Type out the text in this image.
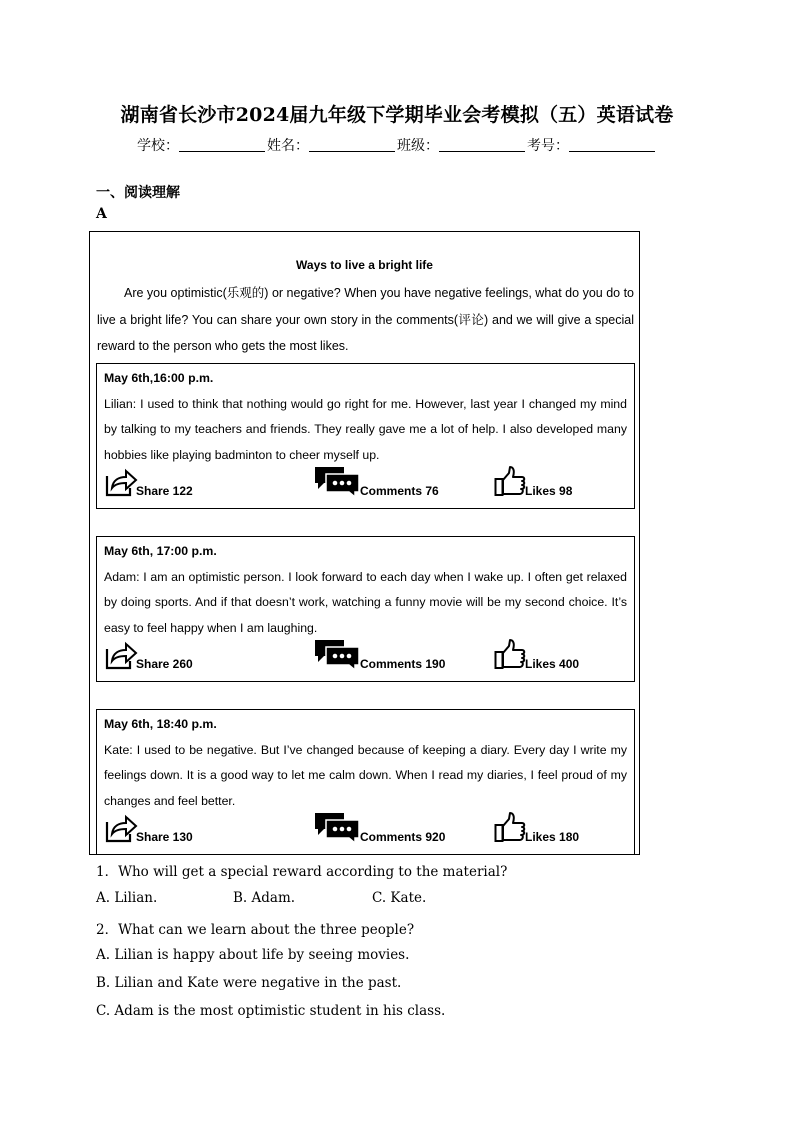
湖南省长沙市2024届九年级下学期毕业会考模拟（五）英语试卷
学校：	姓名：	班级：	考号：
一、阅读理解
A
Ways to live a bright life
Are you optimistic(乐观的) or negative? When you have negative feelings, what do you do to live a bright life? You can share your own story in the comments(评论) and we will give a special reward to the person who gets the most likes.
May 6th,16:00 p.m.
Lilian: I used to think that nothing would go right for me. However, last year I changed my mind by talking to my teachers and friends. They really gave me a lot of help. I also developed many hobbies like playing badminton to cheer myself up.
Share 122	Comments 76	Likes 98
May 6th, 17:00 p.m.
Adam: I am an optimistic person. I look forward to each day when I wake up. I often get relaxed by doing sports. And if that doesn’t work, watching a funny movie will be my second choice. It’s easy to feel happy when I am laughing.
Share 260	Comments 190	Likes 400
May 6th, 18:40 p.m.
Kate: I used to be negative. But I’ve changed because of keeping a diary. Every day I write my feelings down. It is a good way to let me calm down. When I read my diaries, I feel proud of my changes and feel better.
Share 130	Comments 920	Likes 180
1．Who will get a special reward according to the material?
A. Lilian.	B. Adam.	C. Kate.
2．What can we learn about the three people?
A. Lilian is happy about life by seeing movies.
B. Lilian and Kate were negative in the past.
C. Adam is the most optimistic student in his class.
